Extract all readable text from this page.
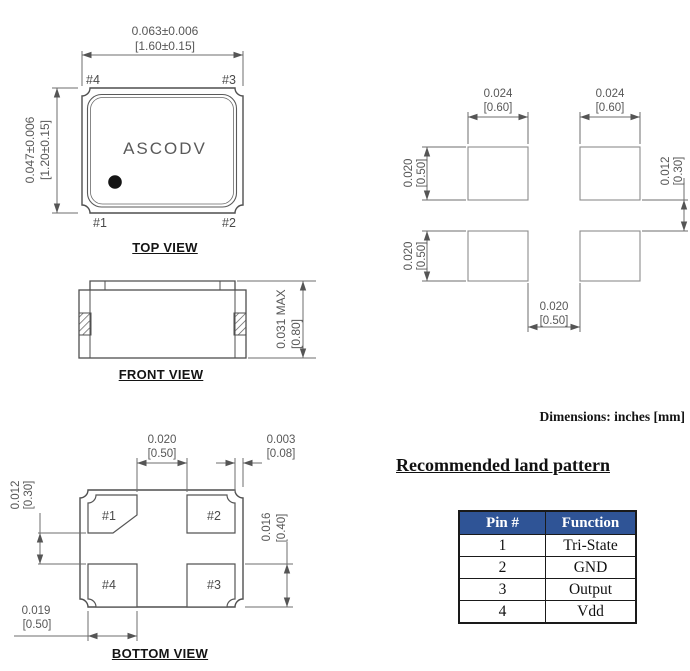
0.063±0.006
[1.60±0.15]
0.047±0.006 [1.20±0.15]	ASCODV
#4	#3
#1	#2
TOP VIEW
0.031 MAX [0.80]
FRONT VIEW
#1	#2
#4	#3
0.020
[0.50]
0.003
[0.08]
0.012 [0.30]
0.016 [0.40]
0.019
[0.50]
BOTTOM VIEW
0.024
[0.60]
0.024
[0.60]
0.020 [0.50]
0.020 [0.50]
0.012 [0.30]
0.020
[0.50]
Dimensions: inches [mm]
Recommended land pattern
Pin #	Function
1	Tri-State
2	GND
3	Output
4	Vdd
